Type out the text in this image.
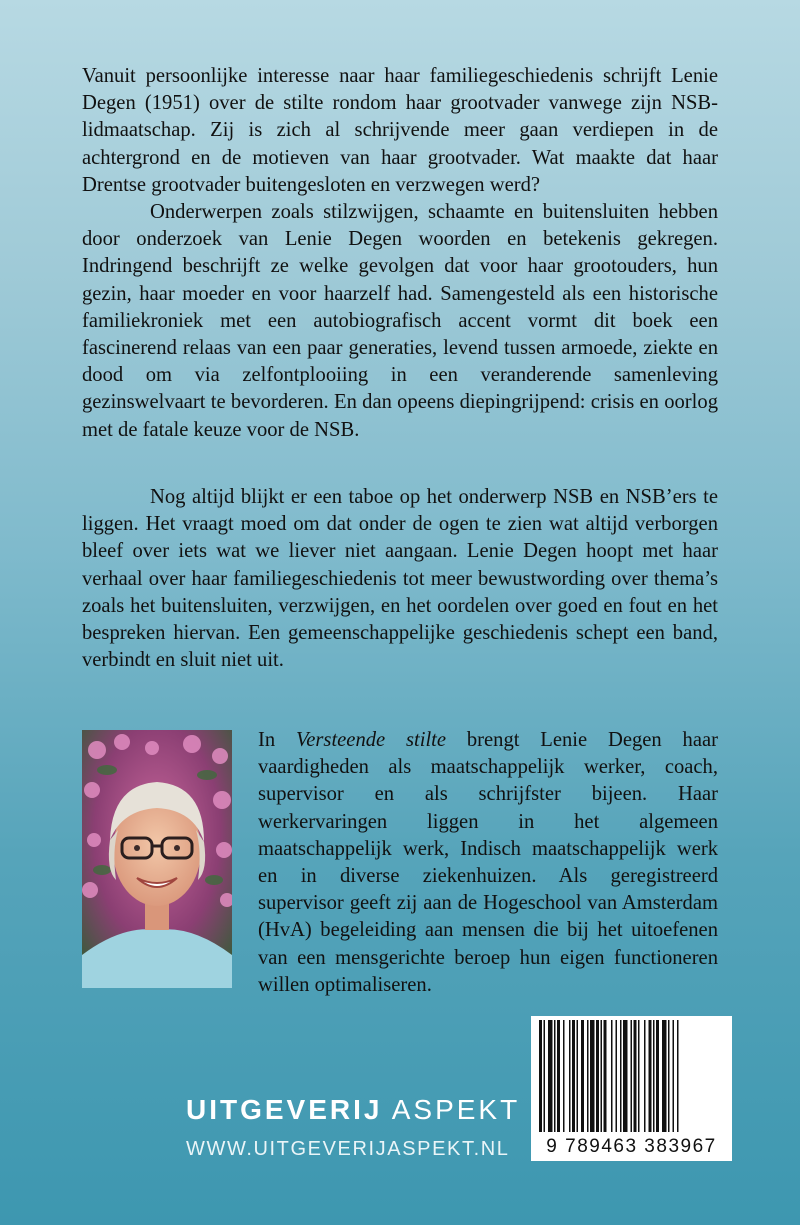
Vanuit persoonlijke interesse naar haar familiegeschiedenis schrijft Lenie Degen (1951) over de stilte rondom haar grootvader vanwege zijn NSB-lidmaatschap. Zij is zich al schrijvende meer gaan verdiepen in de achtergrond en de motieven van haar grootvader. Wat maakte dat haar Drentse grootvader buitengesloten en verzwegen werd?

Onderwerpen zoals stilzwijgen, schaamte en buitensluiten hebben door onderzoek van Lenie Degen woorden en betekenis gekregen. Indringend beschrijft ze welke gevolgen dat voor haar grootouders, hun gezin, haar moeder en voor haarzelf had. Samengesteld als een historische familiekroniek met een autobiografisch accent vormt dit boek een fascinerend relaas van een paar generaties, levend tussen armoede, ziekte en dood om via zelfontplooiing in een veranderende samenleving gezinswelvaart te bevorderen. En dan opeens diepingrijpend: crisis en oorlog met de fatale keuze voor de NSB.

Nog altijd blijkt er een taboe op het onderwerp NSB en NSB’ers te liggen. Het vraagt moed om dat onder de ogen te zien wat altijd verborgen bleef over iets wat we liever niet aangaan. Lenie Degen hoopt met haar verhaal over haar familiegeschiedenis tot meer bewustwording over thema’s zoals het buitensluiten, verzwijgen, en het oordelen over goed en fout en het bespreken hiervan. Een gemeenschappelijke geschiedenis schept een band, verbindt en sluit niet uit.

In Versteende stilte brengt Lenie Degen haar vaardigheden als maatschappelijk werker, coach, supervisor en als schrijfster bijeen. Haar werkervaringen liggen in het algemeen maatschappelijk werk, Indisch maatschappelijk werk en in diverse ziekenhuizen. Als geregistreerd supervisor geeft zij aan de Hogeschool van Amsterdam (HvA) begeleiding aan mensen die bij het uitoefenen van een mensgerichte beroep hun eigen functioneren willen optimaliseren.

9 789463 383967
UITGEVERIJ ASPEKT
WWW.UITGEVERIJASPEKT.NL
